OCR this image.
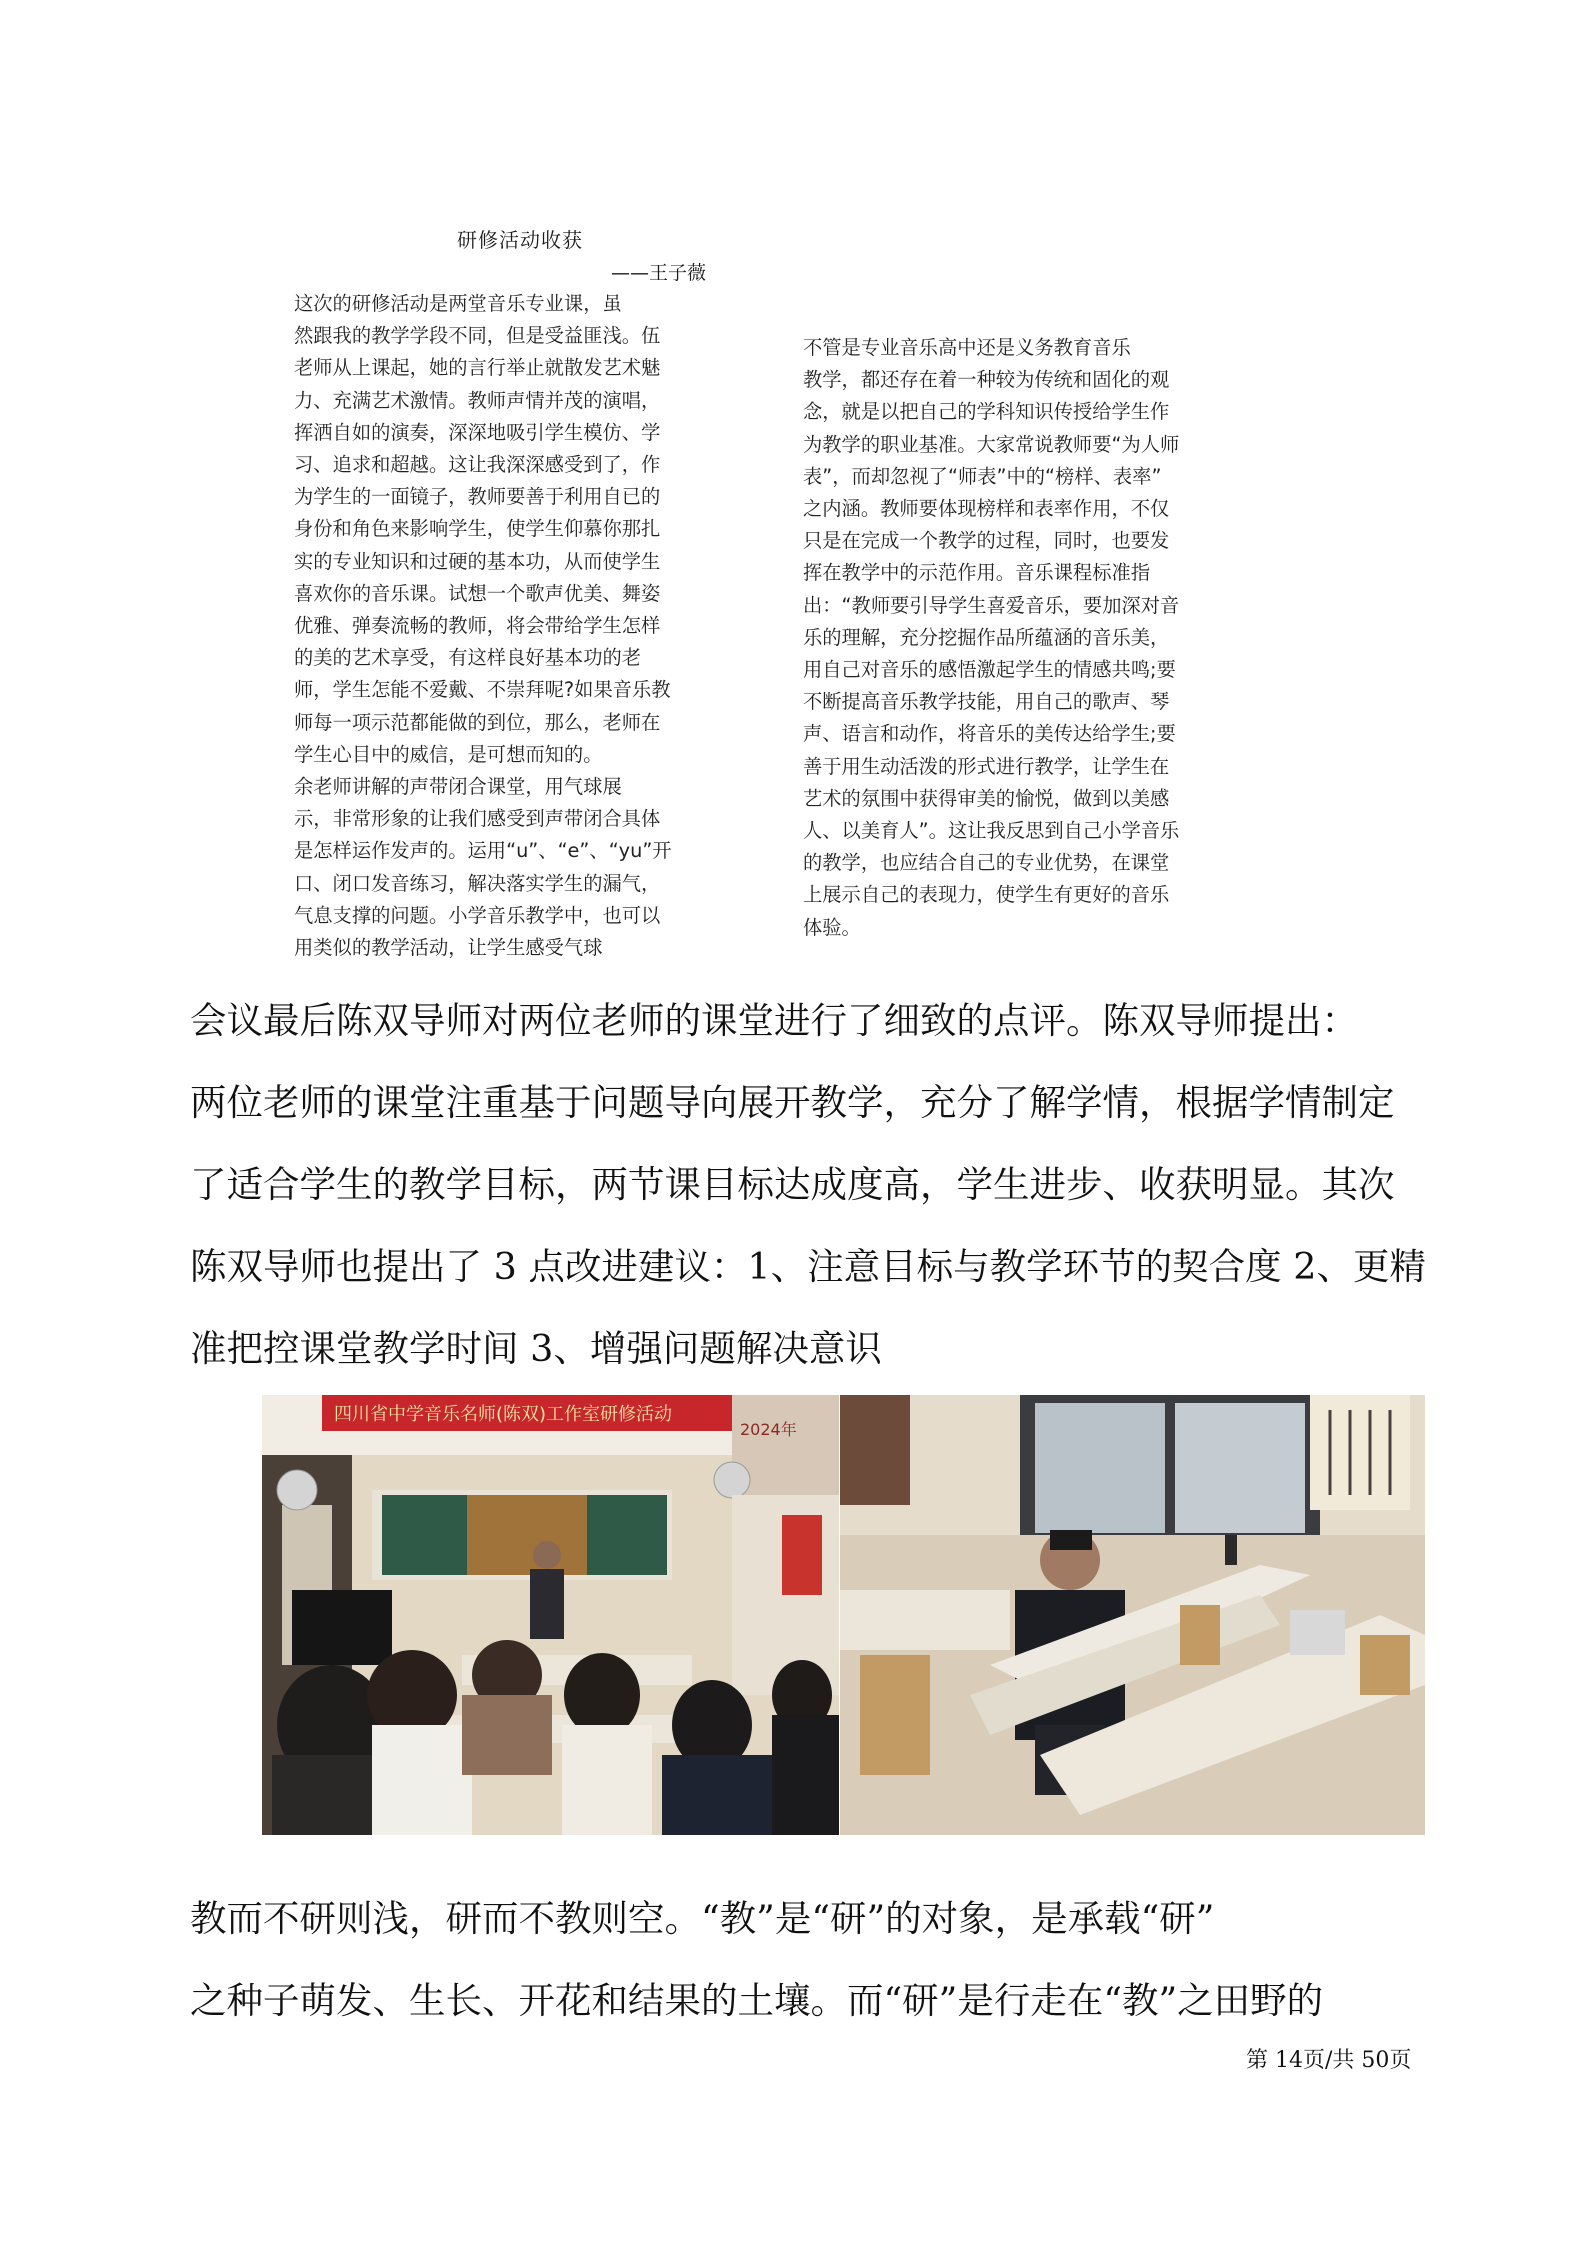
研修活动收获
——王子薇

这次的研修活动是两堂音乐专业课，虽

然跟我的教学学段不同，但是受益匪浅。伍

老师从上课起，她的言行举止就散发艺术魅

力、充满艺术激情。教师声情并茂的演唱，

挥洒自如的演奏，深深地吸引学生模仿、学

习、追求和超越。这让我深深感受到了，作

为学生的一面镜子，教师要善于利用自已的

身份和角色来影响学生，使学生仰慕你那扎

实的专业知识和过硬的基本功，从而使学生

喜欢你的音乐课。试想一个歌声优美、舞姿

优雅、弹奏流畅的教师，将会带给学生怎样

的美的艺术享受，有这样良好基本功的老

师，学生怎能不爱戴、不崇拜呢?如果音乐教

师每一项示范都能做的到位，那么，老师在

学生心目中的威信，是可想而知的。

余老师讲解的声带闭合课堂，用气球展

示，非常形象的让我们感受到声带闭合具体

是怎样运作发声的。运用“u”、“e”、“yu”开

口、闭口发音练习，解决落实学生的漏气，

气息支撑的问题。小学音乐教学中，也可以

用类似的教学活动，让学生感受气球

不管是专业音乐高中还是义务教育音乐

教学，都还存在着一种较为传统和固化的观

念，就是以把自己的学科知识传授给学生作

为教学的职业基准。大家常说教师要“为人师

表”，而却忽视了“师表”中的“榜样、表率”

之内涵。教师要体现榜样和表率作用，不仅

只是在完成一个教学的过程，同时，也要发

挥在教学中的示范作用。音乐课程标准指

出：“教师要引导学生喜爱音乐，要加深对音

乐的理解，充分挖掘作品所蕴涵的音乐美，

用自己对音乐的感悟激起学生的情感共鸣;要

不断提高音乐教学技能，用自己的歌声、琴

声、语言和动作，将音乐的美传达给学生;要

善于用生动活泼的形式进行教学，让学生在

艺术的氛围中获得审美的愉悦，做到以美感

人、以美育人”。这让我反思到自己小学音乐

的教学，也应结合自己的专业优势，在课堂

上展示自己的表现力，使学生有更好的音乐

体验。

会议最后陈双导师对两位老师的课堂进行了细致的点评。陈双导师提出：

两位老师的课堂注重基于问题导向展开教学，充分了解学情，根据学情制定

了适合学生的教学目标，两节课目标达成度高，学生进步、收获明显。其次

陈双导师也提出了 3 点改进建议：1、注意目标与教学环节的契合度 2、更精

准把控课堂教学时间 3、增强问题解决意识

四川省中学音乐名师(陈双)工作室研修活动
2024年

教而不研则浅，研而不教则空。“教”是“研”的对象，是承载“研”

之种子萌发、生长、开花和结果的土壤。而“研”是行走在“教”之田野的

第 14页/共 50页
